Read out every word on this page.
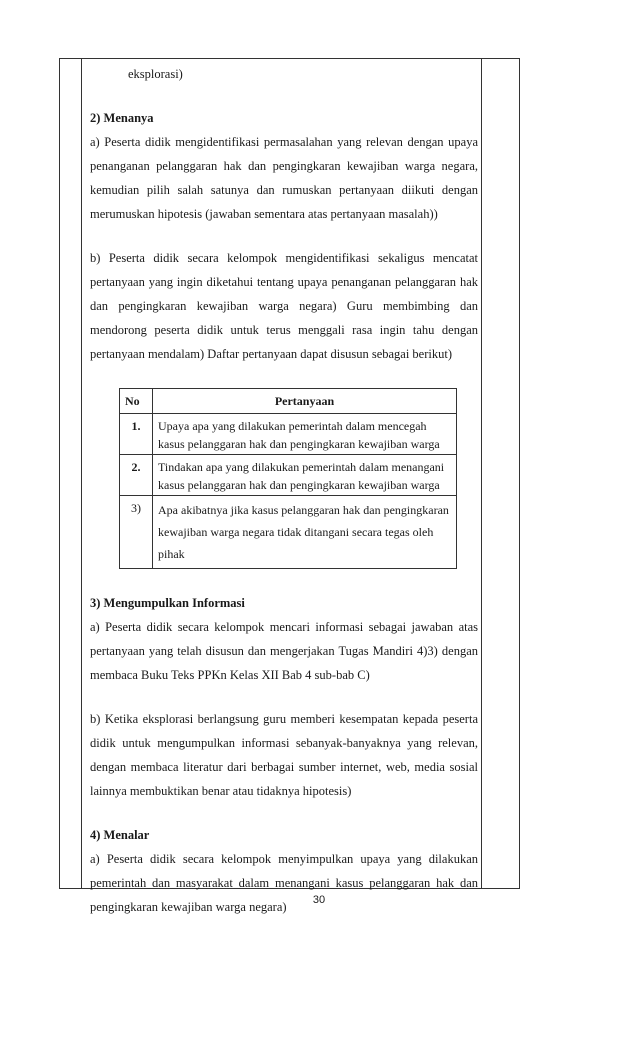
eksplorasi)

2) Menanya

a) Peserta didik mengidentifikasi permasalahan yang relevan dengan upaya penanganan pelanggaran hak dan pengingkaran kewajiban warga negara, kemudian pilih salah satunya dan rumuskan pertanyaan diikuti dengan merumuskan hipotesis (jawaban sementara atas pertanyaan masalah))

b) Peserta didik secara kelompok mengidentifikasi sekaligus mencatat pertanyaan yang ingin diketahui tentang upaya penanganan pelanggaran hak dan pengingkaran kewajiban warga negara) Guru membimbing dan mendorong peserta didik untuk terus menggali rasa ingin tahu dengan pertanyaan mendalam) Daftar pertanyaan dapat disusun sebagai berikut)

No	Pertanyaan
1.	Upaya apa yang dilakukan pemerintah dalam mencegah kasus pelanggaran hak dan pengingkaran kewajiban warga

2.	Tindakan apa yang dilakukan pemerintah dalam menangani kasus pelanggaran hak dan pengingkaran kewajiban warga

3)	Apa akibatnya jika kasus pelanggaran hak dan pengingkaran kewajiban warga negara tidak ditangani secara tegas oleh pihak

3) Mengumpulkan Informasi

a) Peserta didik secara kelompok mencari informasi sebagai jawaban atas pertanyaan yang telah disusun dan mengerjakan Tugas Mandiri 4)3) dengan membaca Buku Teks PPKn Kelas XII Bab 4 sub-bab C)

b) Ketika eksplorasi berlangsung guru memberi kesempatan kepada peserta didik untuk mengumpulkan informasi sebanyak-banyaknya yang relevan, dengan membaca literatur dari berbagai sumber internet, web, media sosial lainnya membuktikan benar atau tidaknya hipotesis)

4) Menalar

a) Peserta didik secara kelompok menyimpulkan upaya yang dilakukan pemerintah dan masyarakat dalam menangani kasus pelanggaran hak dan pengingkaran kewajiban warga negara)	30
